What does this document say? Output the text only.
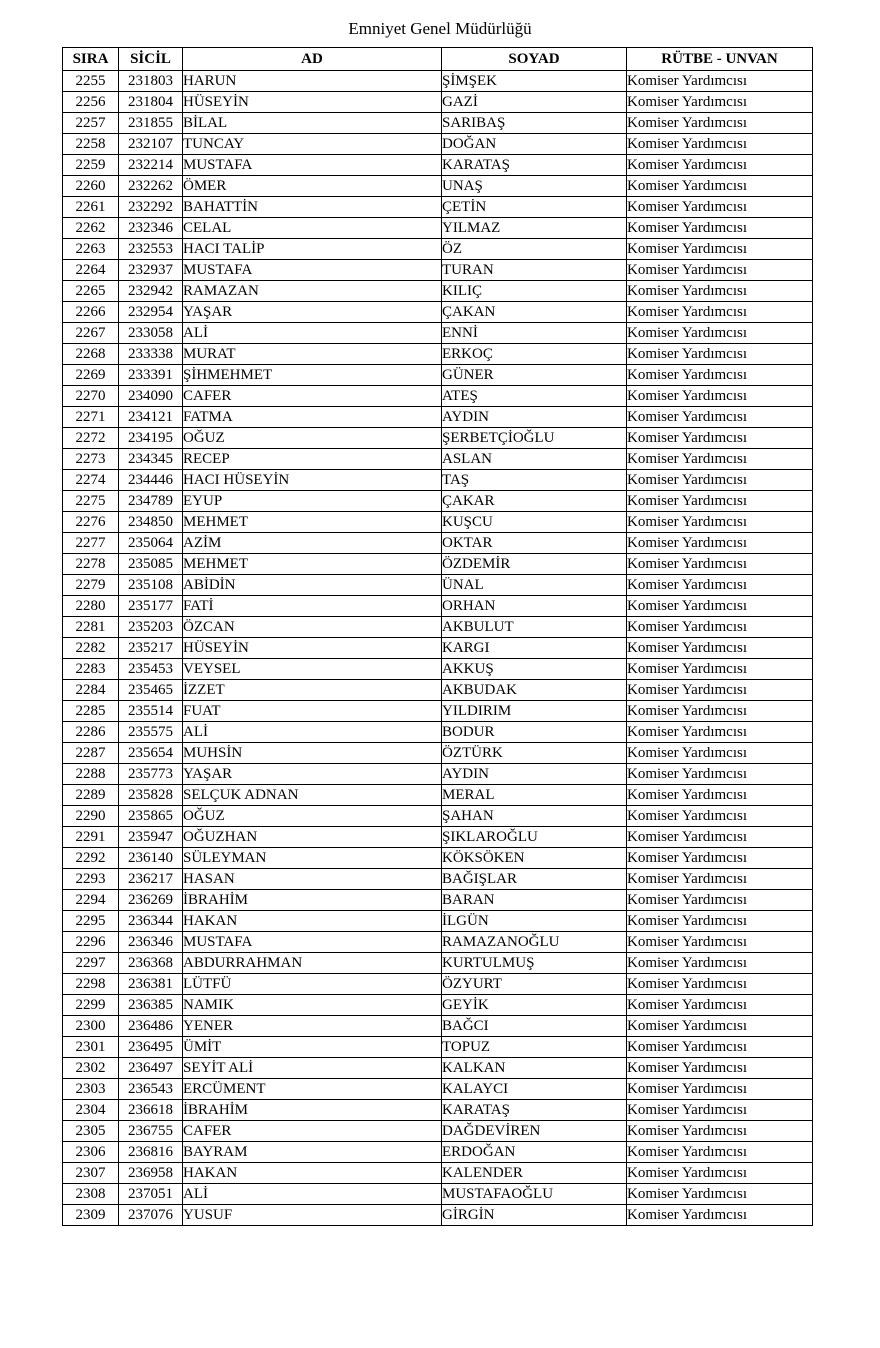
Emniyet Genel Müdürlüğü
SIRA	SİCİL	AD	SOYAD	RÜTBE - UNVAN
2255	231803	HARUN	ŞİMŞEK	Komiser Yardımcısı
2256	231804	HÜSEYİN	GAZİ	Komiser Yardımcısı
2257	231855	BİLAL	SARIBAŞ	Komiser Yardımcısı
2258	232107	TUNCAY	DOĞAN	Komiser Yardımcısı
2259	232214	MUSTAFA	KARATAŞ	Komiser Yardımcısı
2260	232262	ÖMER	UNAŞ	Komiser Yardımcısı
2261	232292	BAHATTİN	ÇETİN	Komiser Yardımcısı
2262	232346	CELAL	YILMAZ	Komiser Yardımcısı
2263	232553	HACI TALİP	ÖZ	Komiser Yardımcısı
2264	232937	MUSTAFA	TURAN	Komiser Yardımcısı
2265	232942	RAMAZAN	KILIÇ	Komiser Yardımcısı
2266	232954	YAŞAR	ÇAKAN	Komiser Yardımcısı
2267	233058	ALİ	ENNİ	Komiser Yardımcısı
2268	233338	MURAT	ERKOÇ	Komiser Yardımcısı
2269	233391	ŞİHMEHMET	GÜNER	Komiser Yardımcısı
2270	234090	CAFER	ATEŞ	Komiser Yardımcısı
2271	234121	FATMA	AYDIN	Komiser Yardımcısı
2272	234195	OĞUZ	ŞERBETÇİOĞLU	Komiser Yardımcısı
2273	234345	RECEP	ASLAN	Komiser Yardımcısı
2274	234446	HACI HÜSEYİN	TAŞ	Komiser Yardımcısı
2275	234789	EYUP	ÇAKAR	Komiser Yardımcısı
2276	234850	MEHMET	KUŞCU	Komiser Yardımcısı
2277	235064	AZİM	OKTAR	Komiser Yardımcısı
2278	235085	MEHMET	ÖZDEMİR	Komiser Yardımcısı
2279	235108	ABİDİN	ÜNAL	Komiser Yardımcısı
2280	235177	FATİ	ORHAN	Komiser Yardımcısı
2281	235203	ÖZCAN	AKBULUT	Komiser Yardımcısı
2282	235217	HÜSEYİN	KARGI	Komiser Yardımcısı
2283	235453	VEYSEL	AKKUŞ	Komiser Yardımcısı
2284	235465	İZZET	AKBUDAK	Komiser Yardımcısı
2285	235514	FUAT	YILDIRIM	Komiser Yardımcısı
2286	235575	ALİ	BODUR	Komiser Yardımcısı
2287	235654	MUHSİN	ÖZTÜRK	Komiser Yardımcısı
2288	235773	YAŞAR	AYDIN	Komiser Yardımcısı
2289	235828	SELÇUK ADNAN	MERAL	Komiser Yardımcısı
2290	235865	OĞUZ	ŞAHAN	Komiser Yardımcısı
2291	235947	OĞUZHAN	ŞIKLAROĞLU	Komiser Yardımcısı
2292	236140	SÜLEYMAN	KÖKSÖKEN	Komiser Yardımcısı
2293	236217	HASAN	BAĞIŞLAR	Komiser Yardımcısı
2294	236269	İBRAHİM	BARAN	Komiser Yardımcısı
2295	236344	HAKAN	İLGÜN	Komiser Yardımcısı
2296	236346	MUSTAFA	RAMAZANOĞLU	Komiser Yardımcısı
2297	236368	ABDURRAHMAN	KURTULMUŞ	Komiser Yardımcısı
2298	236381	LÜTFÜ	ÖZYURT	Komiser Yardımcısı
2299	236385	NAMIK	GEYİK	Komiser Yardımcısı
2300	236486	YENER	BAĞCI	Komiser Yardımcısı
2301	236495	ÜMİT	TOPUZ	Komiser Yardımcısı
2302	236497	SEYİT ALİ	KALKAN	Komiser Yardımcısı
2303	236543	ERCÜMENT	KALAYCI	Komiser Yardımcısı
2304	236618	İBRAHİM	KARATAŞ	Komiser Yardımcısı
2305	236755	CAFER	DAĞDEVİREN	Komiser Yardımcısı
2306	236816	BAYRAM	ERDOĞAN	Komiser Yardımcısı
2307	236958	HAKAN	KALENDER	Komiser Yardımcısı
2308	237051	ALİ	MUSTAFAOĞLU	Komiser Yardımcısı
2309	237076	YUSUF	GİRGİN	Komiser Yardımcısı
